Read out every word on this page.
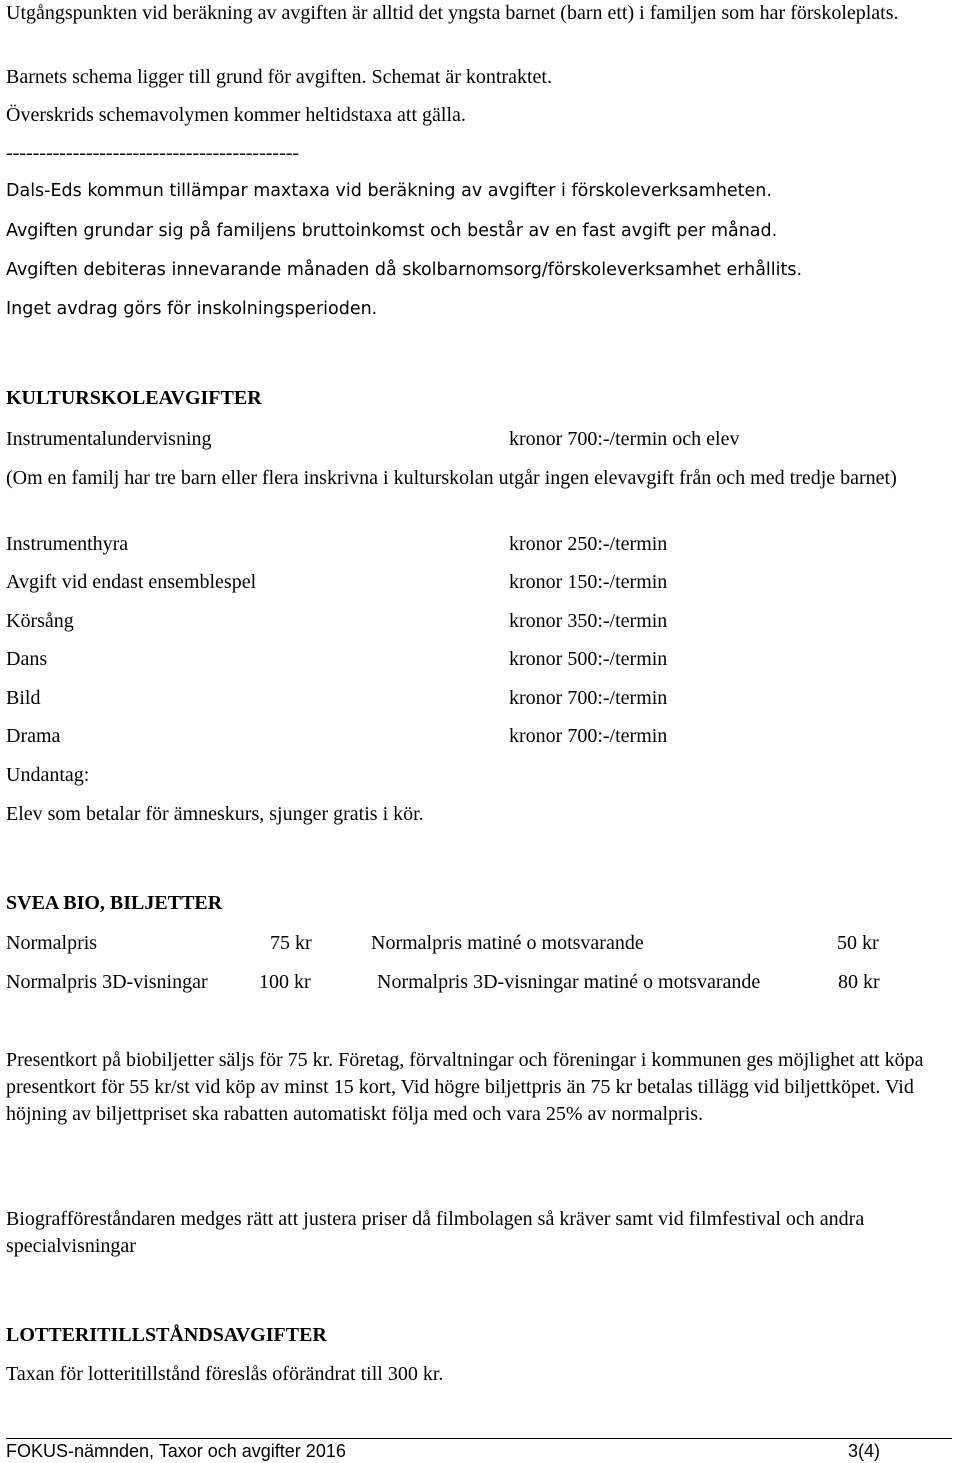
Utgångspunkten vid beräkning av avgiften är alltid det yngsta barnet (barn ett) i familjen som har förskoleplats.

Barnets schema ligger till grund för avgiften. Schemat är kontraktet.

Överskrids schemavolymen kommer heltidstaxa att gälla.

--------------------------------------------

Dals-Eds kommun tillämpar maxtaxa vid beräkning av avgifter i förskoleverksamheten.

Avgiften grundar sig på familjens bruttoinkomst och består av en fast avgift per månad.

Avgiften debiteras innevarande månaden då skolbarnomsorg/förskoleverksamhet erhållits.

Inget avdrag görs för inskolningsperioden.

KULTURSKOLEAVGIFTER

Instrumentalundervisning	kronor 700:-/termin och elev

(Om en familj har tre barn eller flera inskrivna i kulturskolan utgår ingen elevavgift från och med tredje barnet)

Instrumenthyra	kronor 250:-/termin
Avgift vid endast ensemblespel	kronor 150:-/termin
Körsång	kronor 350:-/termin
Dans	kronor 500:-/termin
Bild	kronor 700:-/termin
Drama	kronor 700:-/termin

Undantag:

Elev som betalar för ämneskurs, sjunger gratis i kör.

SVEA BIO, BILJETTER

Normalpris	75 kr	Normalpris matiné o motsvarande	50 kr
Normalpris 3D-visningar	100 kr	Normalpris 3D-visningar matiné o motsvarande	80 kr

Presentkort på biobiljetter säljs för 75 kr. Företag, förvaltningar och föreningar i kommunen ges möjlighet att köpa presentkort för 55 kr/st vid köp av minst 15 kort, Vid högre biljettpris än 75 kr betalas tillägg vid biljettköpet. Vid höjning av biljettpriset ska rabatten automatiskt följa med och vara 25% av normalpris.

Biografföreståndaren medges rätt att justera priser då filmbolagen så kräver samt vid filmfestival och andra specialvisningar

LOTTERITILLSTÅNDSAVGIFTER

Taxan för lotteritillstånd föreslås oförändrat till 300 kr.

FOKUS-nämnden, Taxor och avgifter 2016	3(4)
